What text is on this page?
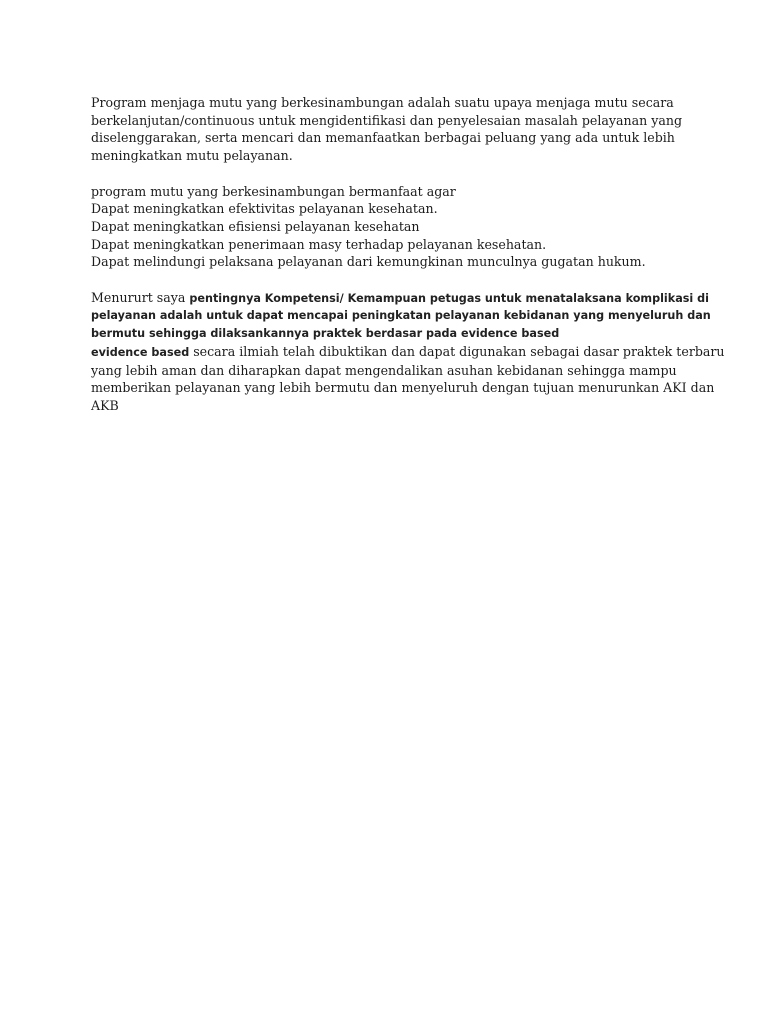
Program menjaga mutu yang berkesinambungan adalah suatu upaya menjaga mutu secara
berkelanjutan/continuous untuk mengidentifikasi dan penyelesaian masalah pelayanan yang
diselenggarakan, serta mencari dan memanfaatkan berbagai peluang yang ada untuk lebih
meningkatkan mutu pelayanan.
program mutu yang berkesinambungan bermanfaat agar
Dapat meningkatkan efektivitas pelayanan kesehatan.
Dapat meningkatkan efisiensi pelayanan kesehatan
Dapat meningkatkan penerimaan masy terhadap pelayanan kesehatan.
Dapat melindungi pelaksana pelayanan dari kemungkinan munculnya gugatan hukum.
Menururt saya pentingnya Kompetensi/ Kemampuan petugas untuk menatalaksana komplikasi di
pelayanan adalah untuk dapat mencapai peningkatan pelayanan kebidanan yang menyeluruh dan
bermutu sehingga dilaksankannya praktek berdasar pada evidence based
evidence based secara ilmiah telah dibuktikan dan dapat digunakan sebagai dasar praktek terbaru
yang lebih aman dan diharapkan dapat mengendalikan asuhan kebidanan sehingga mampu
memberikan pelayanan yang lebih bermutu dan menyeluruh dengan tujuan menurunkan AKI dan
AKB
